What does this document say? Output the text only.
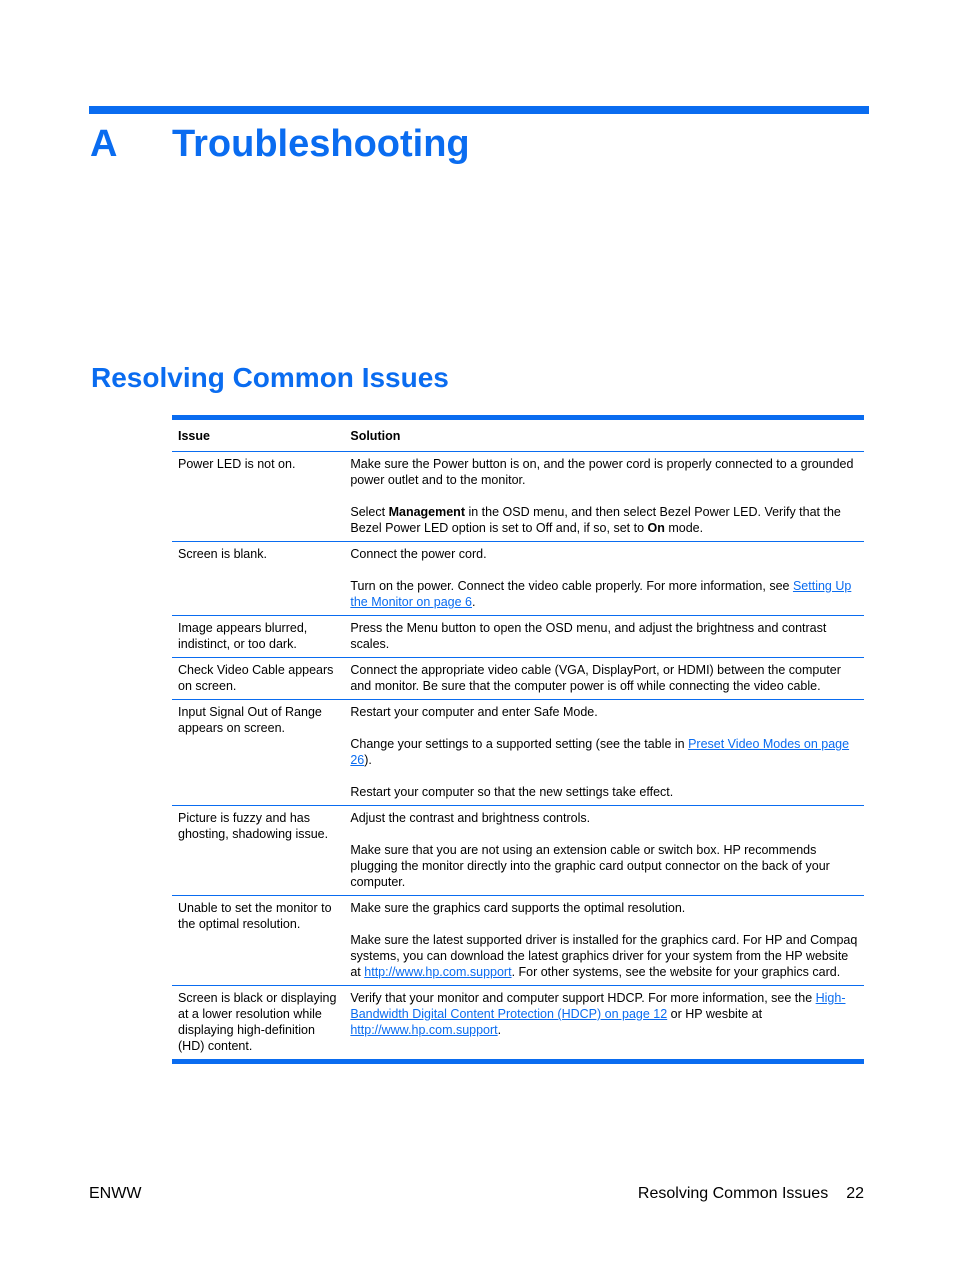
A Troubleshooting
Resolving Common Issues
Issue	Solution
Power LED is not on.	Make sure the Power button is on, and the power cord is properly connected to a grounded power outlet and to the monitor.

Select Management in the OSD menu, and then select Bezel Power LED. Verify that the Bezel Power LED option is set to Off and, if so, set to On mode.

Screen is blank.	Connect the power cord.

Turn on the power. Connect the video cable properly. For more information, see Setting Up the Monitor on page 6.

Image appears blurred, indistinct, or too dark.	Press the Menu button to open the OSD menu, and adjust the brightness and contrast scales.

Check Video Cable appears on screen.	Connect the appropriate video cable (VGA, DisplayPort, or HDMI) between the computer and monitor. Be sure that the computer power is off while connecting the video cable.

Input Signal Out of Range appears on screen.	Restart your computer and enter Safe Mode.

Change your settings to a supported setting (see the table in Preset Video Modes on page 26).

Restart your computer so that the new settings take effect.

Picture is fuzzy and has ghosting, shadowing issue.	Adjust the contrast and brightness controls.

Make sure that you are not using an extension cable or switch box. HP recommends plugging the monitor directly into the graphic card output connector on the back of your computer.

Unable to set the monitor to the optimal resolution.	Make sure the graphics card supports the optimal resolution.

Make sure the latest supported driver is installed for the graphics card. For HP and Compaq systems, you can download the latest graphics driver for your system from the HP website at http://www.hp.com.support. For other systems, see the website for your graphics card.

Screen is black or displaying at a lower resolution while displaying high-definition (HD) content.	Verify that your monitor and computer support HDCP. For more information, see the High-Bandwidth Digital Content Protection (HDCP) on page 12 or HP wesbite at http://www.hp.com.support.

ENWW	Resolving Common Issues 22
